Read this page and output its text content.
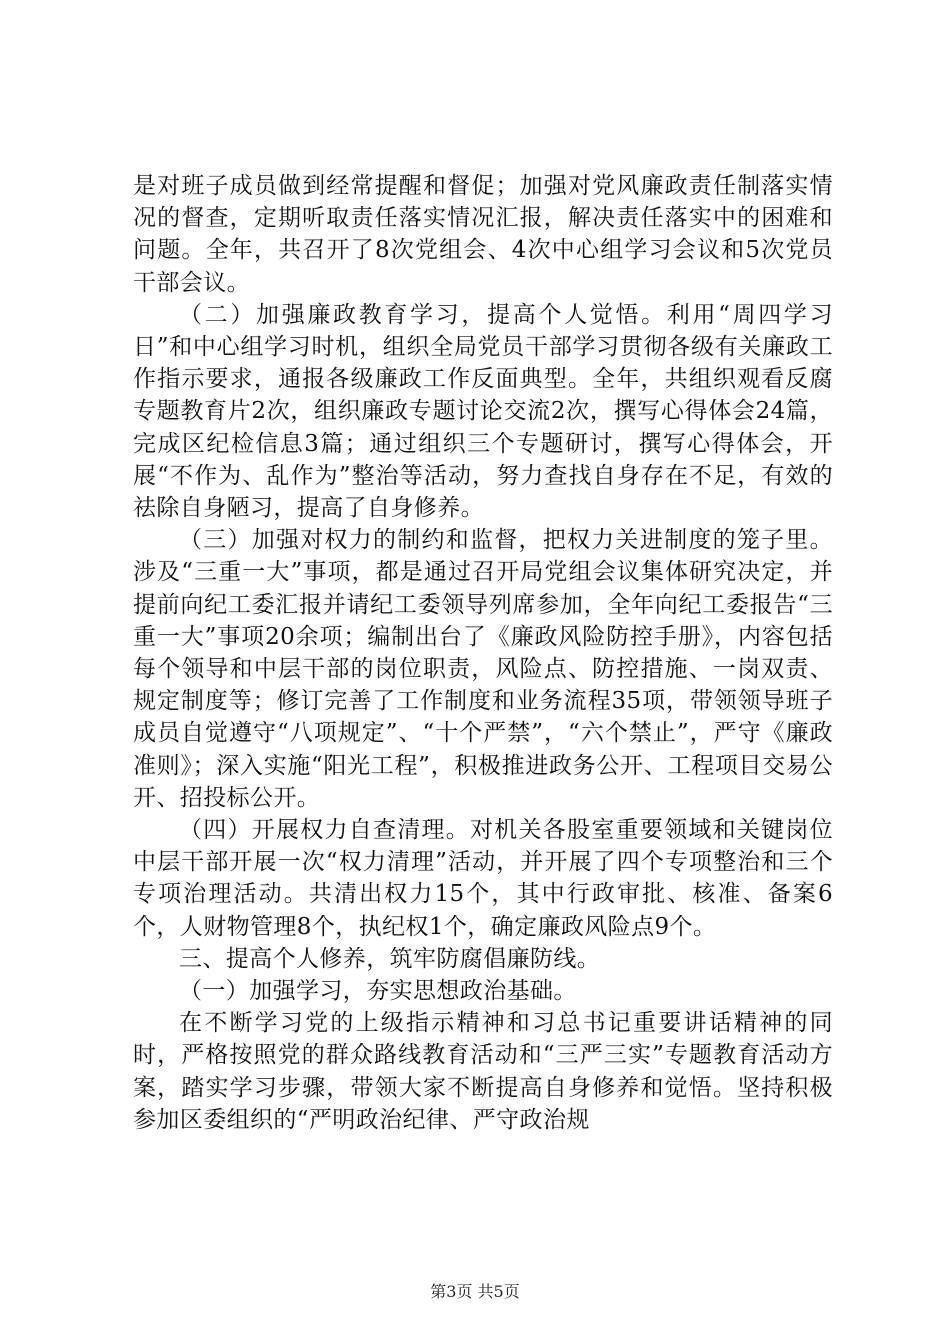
是对班子成员做到经常提醒和督促；加强对党风廉政责任制落实情况的督查，定期听取责任落实情况汇报，解决责任落实中的困难和问题。全年，共召开了8次党组会、4次中心组学习会议和5次党员干部会议。

（二）加强廉政教育学习，提高个人觉悟。利用“周四学习日”和中心组学习时机，组织全局党员干部学习贯彻各级有关廉政工作指示要求，通报各级廉政工作反面典型。全年，共组织观看反腐专题教育片2次，组织廉政专题讨论交流2次，撰写心得体会24篇，完成区纪检信息3篇；通过组织三个专题研讨，撰写心得体会，开展“不作为、乱作为”整治等活动，努力查找自身存在不足，有效的祛除自身陋习，提高了自身修养。

（三）加强对权力的制约和监督，把权力关进制度的笼子里。涉及“三重一大”事项，都是通过召开局党组会议集体研究决定，并提前向纪工委汇报并请纪工委领导列席参加，全年向纪工委报告“三重一大”事项20余项；编制出台了《廉政风险防控手册》，内容包括每个领导和中层干部的岗位职责，风险点、防控措施、一岗双责、规定制度等；修订完善了工作制度和业务流程35项，带领领导班子成员自觉遵守“八项规定”、“十个严禁”，“六个禁止”，严守《廉政准则》；深入实施“阳光工程”，积极推进政务公开、工程项目交易公开、招投标公开。

（四）开展权力自查清理。对机关各股室重要领域和关键岗位中层干部开展一次“权力清理”活动，并开展了四个专项整治和三个专项治理活动。共清出权力15个，其中行政审批、核准、备案6个，人财物管理8个，执纪权1个，确定廉政风险点9个。

三、提高个人修养，筑牢防腐倡廉防线。

（一）加强学习，夯实思想政治基础。

在不断学习党的上级指示精神和习总书记重要讲话精神的同时，严格按照党的群众路线教育活动和“三严三实”专题教育活动方案，踏实学习步骤，带领大家不断提高自身修养和觉悟。坚持积极参加区委组织的“严明政治纪律、严守政治规

第3页 共5页
